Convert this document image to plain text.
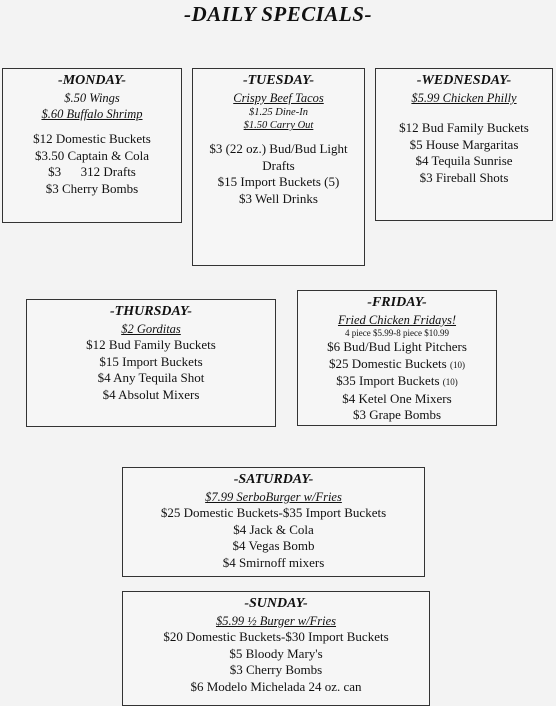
-DAILY SPECIALS-
-MONDAY-
$.50 Wings
$.60 Buffalo Shrimp
$12 Domestic Buckets
$3.50 Captain & Cola
$3      312 Drafts
$3 Cherry Bombs
-TUESDAY-
Crispy Beef Tacos
$1.25 Dine-In
$1.50 Carry Out
$3 (22 oz.) Bud/Bud Light
Drafts
$15 Import Buckets (5)
$3 Well Drinks
-WEDNESDAY-
$5.99 Chicken Philly
$12 Bud Family Buckets
$5 House Margaritas
$4 Tequila Sunrise
$3 Fireball Shots
-THURSDAY-
$2 Gorditas
$12 Bud Family Buckets
$15 Import Buckets
$4 Any Tequila Shot
$4 Absolut Mixers
-FRIDAY-
Fried Chicken Fridays!
4 piece $5.99-8 piece $10.99
$6 Bud/Bud Light Pitchers
$25 Domestic Buckets (10)
$35 Import Buckets (10)
$4 Ketel One Mixers
$3 Grape Bombs
-SATURDAY-
$7.99 SerboBurger w/Fries
$25 Domestic Buckets-$35 Import Buckets
$4 Jack & Cola
$4 Vegas Bomb
$4 Smirnoff mixers
-SUNDAY-
$5.99 ½ Burger w/Fries
$20 Domestic Buckets-$30 Import Buckets
$5 Bloody Mary's
$3 Cherry Bombs
$6 Modelo Michelada 24 oz. can
